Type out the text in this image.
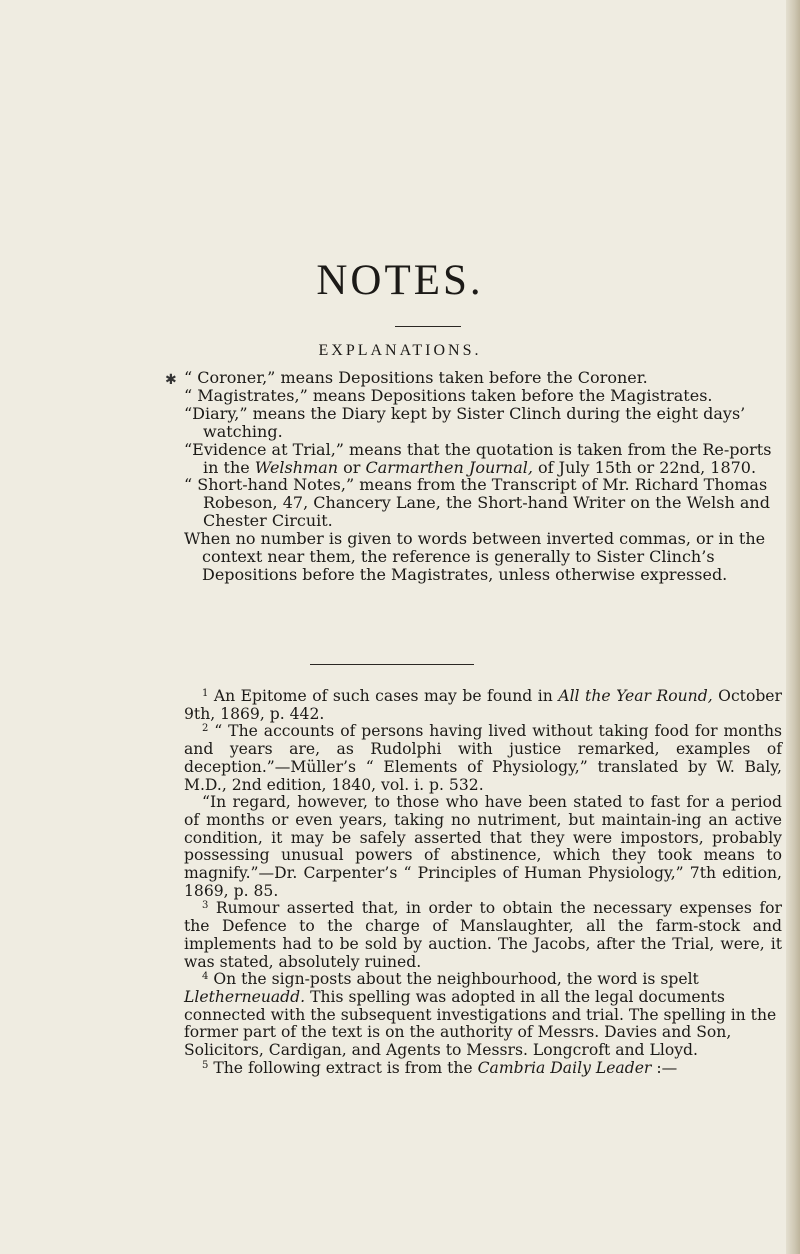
NOTES.
EXPLANATIONS.
✱ “ Coroner,” means Depositions taken before the Coroner.

“ Magistrates,” means Depositions taken before the Magistrates.

“Diary,” means the Diary kept by Sister Clinch during the eight days’ watching.

“Evidence at Trial,” means that the quotation is taken from the Re-ports in the Welshman or Carmarthen Journal, of July 15th or 22nd, 1870.

“ Short-hand Notes,” means from the Transcript of Mr. Richard Thomas Robeson, 47, Chancery Lane, the Short-hand Writer on the Welsh and Chester Circuit.

When no number is given to words between inverted commas, or in the context near them, the reference is generally to Sister Clinch’s Depositions before the Magistrates, unless otherwise expressed.

$^1$ An Epitome of such cases may be found in All the Year Round, October 9th, 1869, p. 442.

$^2$ “ The accounts of persons having lived without taking food for months and years are, as Rudolphi with justice remarked, examples of deception.”—Müller’s “ Elements of Physiology,” translated by W. Baly, M.D., 2nd edition, 1840, vol. i. p. 532.

“In regard, however, to those who have been stated to fast for a period of months or even years, taking no nutriment, but maintain-ing an active condition, it may be safely asserted that they were impostors, probably possessing unusual powers of abstinence, which they took means to magnify.”—Dr. Carpenter’s “ Principles of Human Physiology,” 7th edition, 1869, p. 85.

$^3$ Rumour asserted that, in order to obtain the necessary expenses for the Defence to the charge of Manslaughter, all the farm-stock and implements had to be sold by auction. The Jacobs, after the Trial, were, it was stated, absolutely ruined.

$^4$ On the sign-posts about the neighbourhood, the word is spelt Lletherneuadd. This spelling was adopted in all the legal documents connected with the subsequent investigations and trial. The spelling in the former part of the text is on the authority of Messrs. Davies and Son, Solicitors, Cardigan, and Agents to Messrs. Longcroft and Lloyd.

$^5$ The following extract is from the Cambria Daily Leader :—
